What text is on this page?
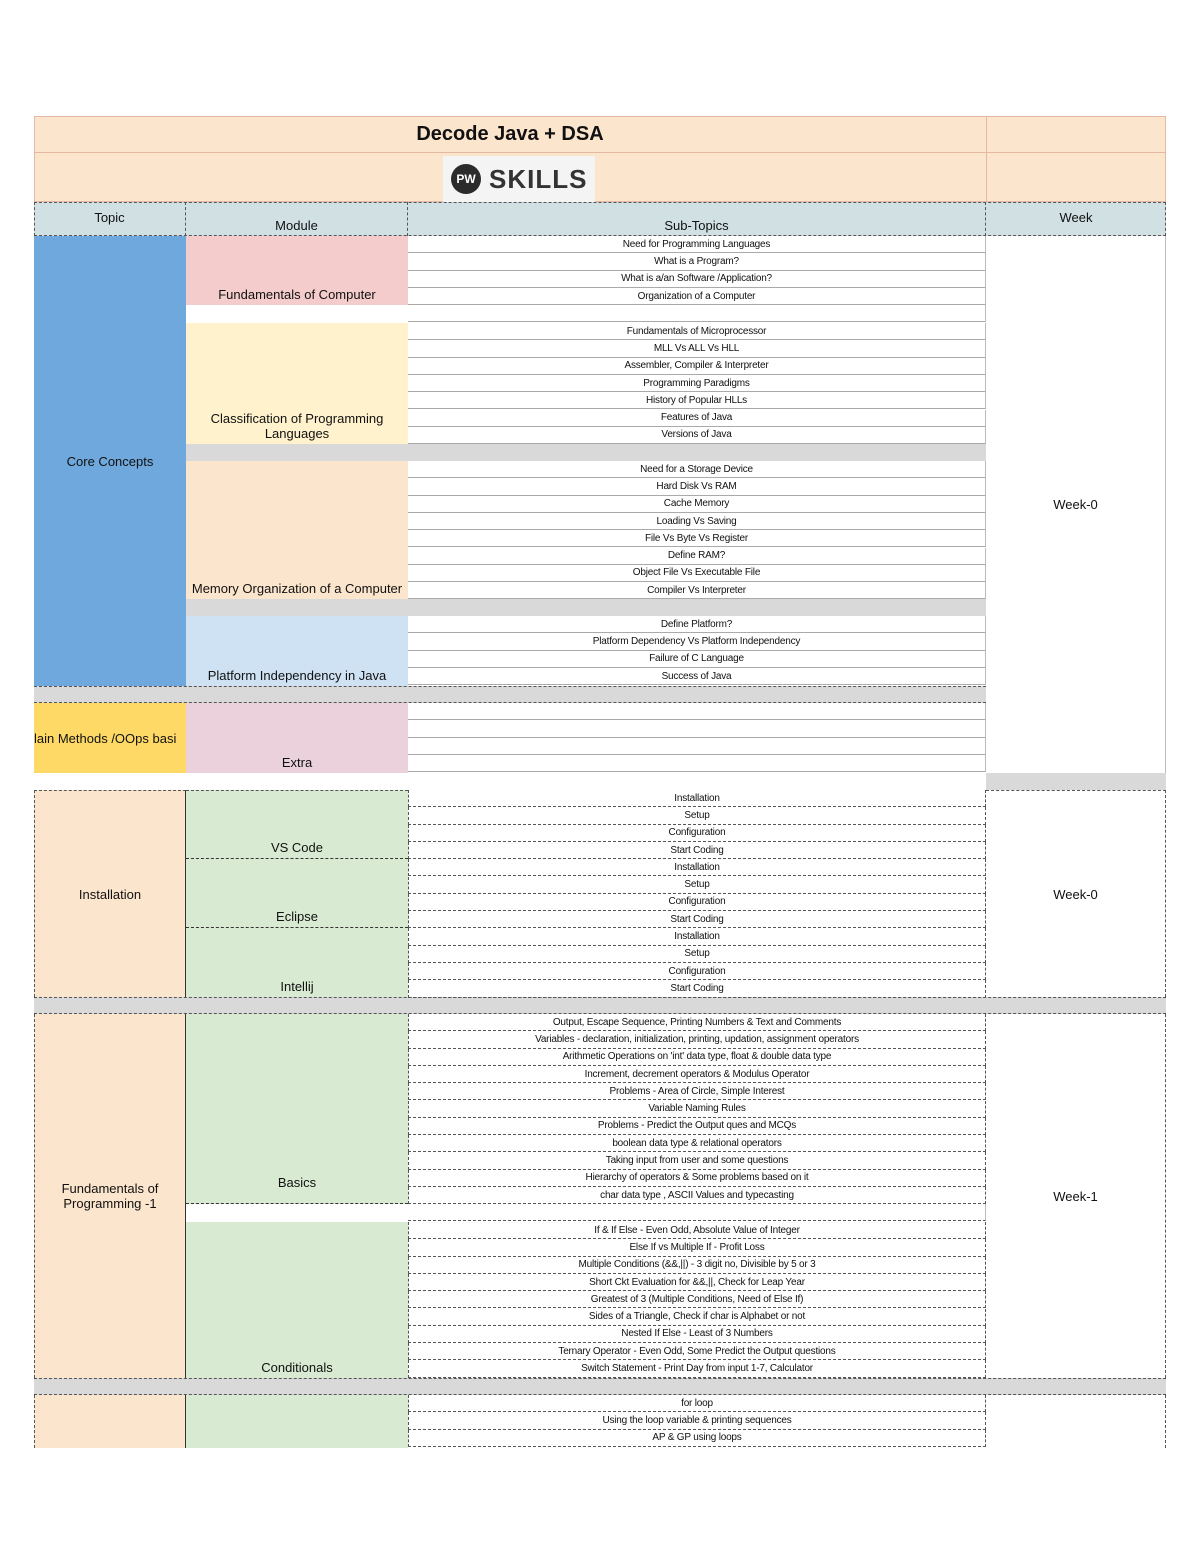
Decode Java + DSA
PW SKILLS
Topic
Module	Sub-Topics
Week
Core Concepts
lain Methods /OOps basi
Week-0
Fundamentals of Computer
Classification of Programming Languages
Memory Organization of a Computer
Platform Independency in Java
Extra
Need for Programming Languages
What is a Program?
What is a/an Software /Application?
Organization of a Computer
Fundamentals of Microprocessor
MLL Vs ALL Vs HLL
Assembler, Compiler & Interpreter
Programming Paradigms
History of Popular HLLs
Features of Java
Versions of Java
Need for a Storage Device
Hard Disk Vs RAM
Cache Memory
Loading Vs Saving
File Vs Byte Vs Register
Define RAM?
Object File Vs Executable File
Compiler Vs Interpreter
Define Platform?
Platform Dependency Vs Platform Independency
Failure of C Language
Success of Java
Installation
VS Code
Eclipse
Intellij
Week-0
Installation
Setup
Configuration
Start Coding
Installation
Setup
Configuration
Start Coding
Installation
Setup
Configuration
Start Coding
Fundamentals of Programming -1
Basics
Conditionals
Week-1
Output, Escape Sequence, Printing Numbers & Text and Comments
Variables - declaration, initialization, printing, updation, assignment operators
Arithmetic Operations on 'int' data type, float & double data type
Increment, decrement operators & Modulus Operator
Problems - Area of Circle, Simple Interest
Variable Naming Rules
Problems - Predict the Output ques and MCQs
boolean data type & relational operators
Taking input from user and some questions
Hierarchy of operators & Some problems based on it
char data type , ASCII Values and typecasting
If & If Else - Even Odd, Absolute Value of Integer
Else If vs Multiple If - Profit Loss
Multiple Conditions (&&,||) - 3 digit no, Divisible by 5 or 3
Short Ckt Evaluation for &&,||, Check for Leap Year
Greatest of 3 (Multiple Conditions, Need of Else If)
Sides of a Triangle, Check if char is Alphabet or not
Nested If Else - Least of 3 Numbers
Ternary Operator - Even Odd, Some Predict the Output questions
Switch Statement - Print Day from input 1-7, Calculator
for loop
Using the loop variable & printing sequences
AP & GP using loops
